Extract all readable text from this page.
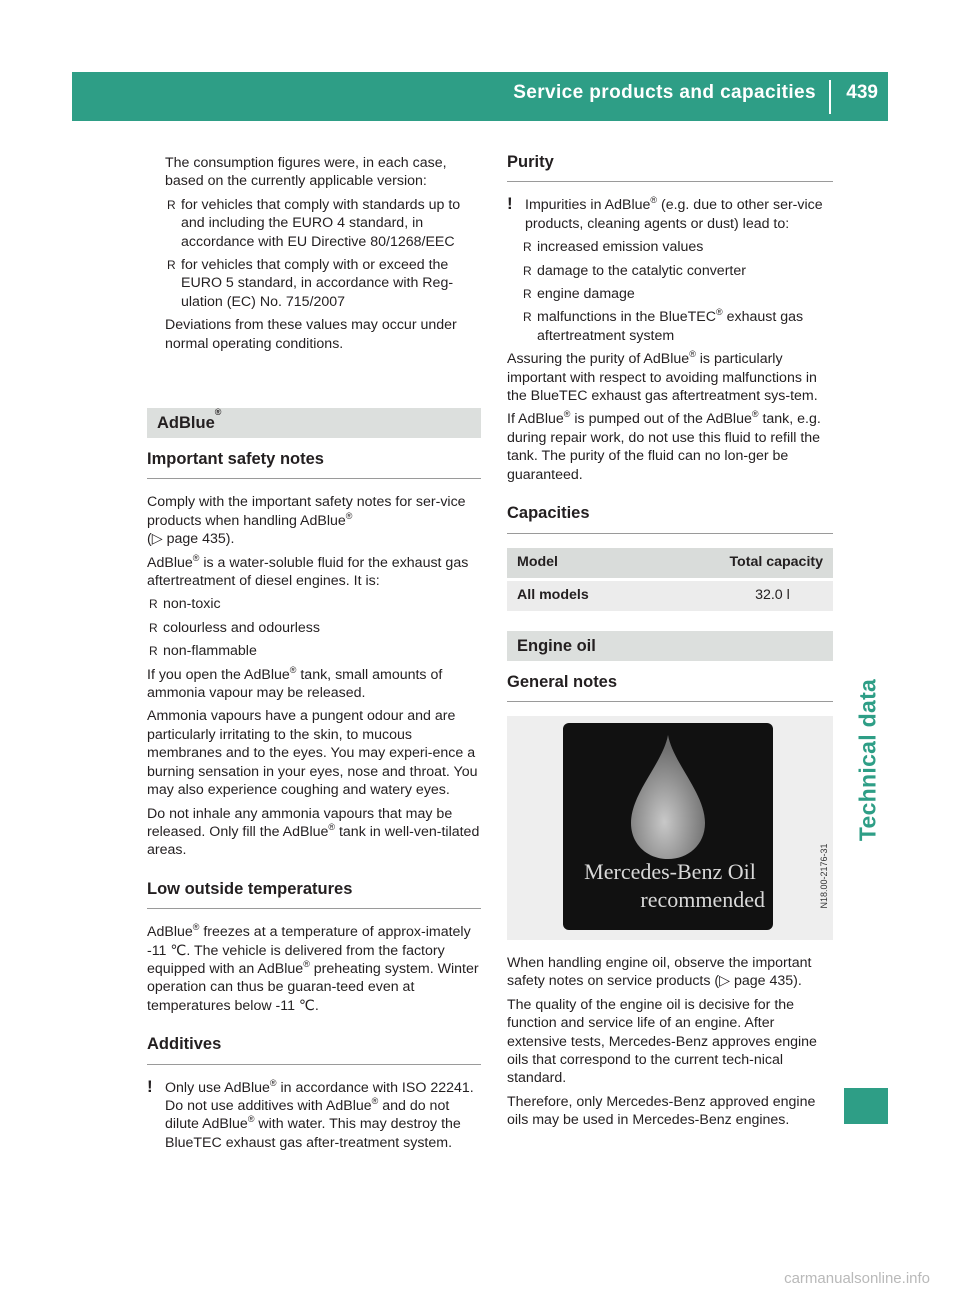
Service products and capacities 439
Technical data

The consumption figures were, in each case, based on the currently applicable version:

R for vehicles that comply with standards up to and including the EURO 4 standard, in accordance with EU Directive 80/1268/EEC
R for vehicles that comply with or exceed the EURO 5 standard, in accordance with Reg-ulation (EC) No. 715/2007

Deviations from these values may occur under normal operating conditions.

AdBlue®
Important safety notes

Comply with the important safety notes for ser-vice products when handling AdBlue®
(▷ page 435).

AdBlue® is a water-soluble fluid for the exhaust gas aftertreatment of diesel engines. It is:

R non-toxic
R colourless and odourless
R non-flammable

If you open the AdBlue® tank, small amounts of ammonia vapour may be released.

Ammonia vapours have a pungent odour and are particularly irritating to the skin, to mucous membranes and to the eyes. You may experi-ence a burning sensation in your eyes, nose and throat. You may also experience coughing and watery eyes.

Do not inhale any ammonia vapours that may be released. Only fill the AdBlue® tank in well-ven-tilated areas.

Low outside temperatures

AdBlue® freezes at a temperature of approx-imately -11 ℃. The vehicle is delivered from the factory equipped with an AdBlue® preheating system. Winter operation can thus be guaran-teed even at temperatures below -11 ℃.

Additives
! Only use AdBlue® in accordance with ISO 22241. Do not use additives with AdBlue® and do not dilute AdBlue® with water. This may destroy the BlueTEC exhaust gas after-treatment system.
Purity
! Impurities in AdBlue® (e.g. due to other ser-vice products, cleaning agents or dust) lead to:
R increased emission values
R damage to the catalytic converter
R engine damage
R malfunctions in the BlueTEC® exhaust gas aftertreatment system

Assuring the purity of AdBlue® is particularly important with respect to avoiding malfunctions in the BlueTEC exhaust gas aftertreatment sys-tem.

If AdBlue® is pumped out of the AdBlue® tank, e.g. during repair work, do not use this fluid to refill the tank. The purity of the fluid can no lon-ger be guaranteed.

Capacities
Model	Total capacity
All models	32.0 l
Engine oil
General notes
Mercedes-Benz Oil
recommended	N18.00-2176-31

When handling engine oil, observe the important safety notes on service products (▷ page 435).

The quality of the engine oil is decisive for the function and service life of an engine. After extensive tests, Mercedes-Benz approves engine oils that correspond to the current tech-nical standard.

Therefore, only Mercedes-Benz approved engine oils may be used in Mercedes-Benz engines.

carmanualsonline.info
